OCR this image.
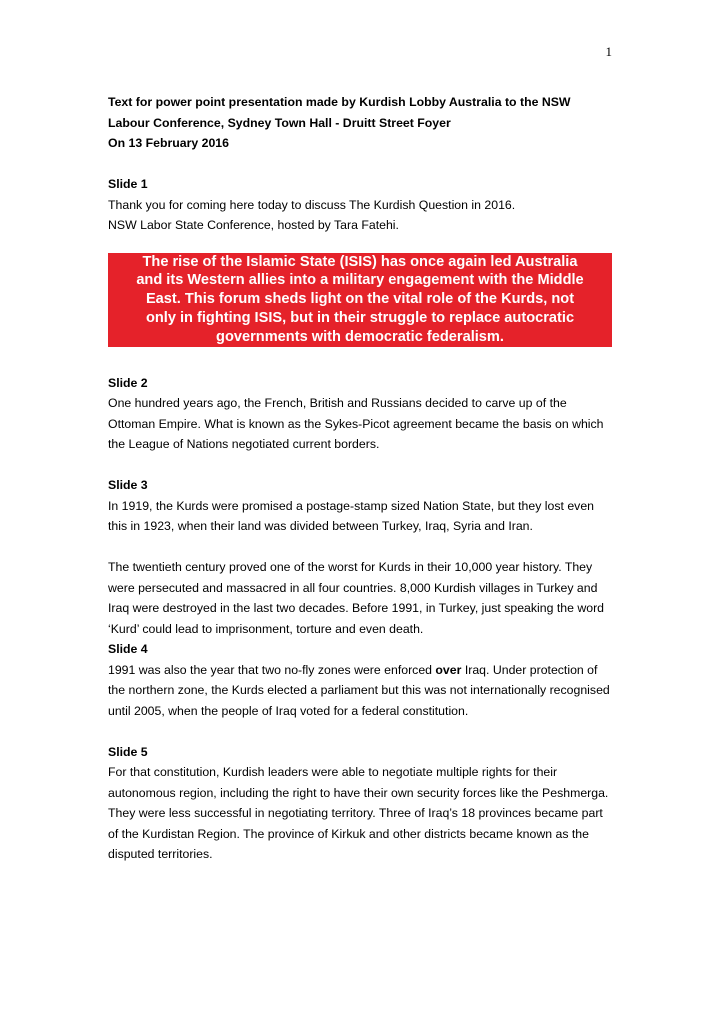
1
Text for power point presentation made by Kurdish Lobby Australia to the NSW
Labour Conference, Sydney Town Hall - Druitt Street Foyer
On 13 February 2016
Slide 1

Thank you for coming here today to discuss The Kurdish Question in 2016.

NSW Labor State Conference, hosted by Tara Fatehi.

The rise of the Islamic State (ISIS) has once again led Australia
and its Western allies into a military engagement with the Middle
East. This forum sheds light on the vital role of the Kurds, not
only in fighting ISIS, but in their struggle to replace autocratic
governments with democratic federalism.
Slide 2

One hundred years ago, the French, British and Russians decided to carve up of the Ottoman Empire. What is known as the Sykes-Picot agreement became the basis on which the League of Nations negotiated current borders.

Slide 3

In 1919, the Kurds were promised a postage-stamp sized Nation State, but they lost even this in 1923, when their land was divided between Turkey, Iraq, Syria and Iran.

The twentieth century proved one of the worst for Kurds in their 10,000 year history. They were persecuted and massacred in all four countries. 8,000 Kurdish villages in Turkey and Iraq were destroyed in the last two decades. Before 1991, in Turkey, just speaking the word ‘Kurd’ could lead to imprisonment, torture and even death.

Slide 4

1991 was also the year that two no-fly zones were enforced over Iraq. Under protection of the northern zone, the Kurds elected a parliament but this was not internationally recognised until 2005, when the people of Iraq voted for a federal constitution.

Slide 5

For that constitution, Kurdish leaders were able to negotiate multiple rights for their autonomous region, including the right to have their own security forces like the Peshmerga. They were less successful in negotiating territory. Three of Iraq’s 18 provinces became part of the Kurdistan Region. The province of Kirkuk and other districts became known as the disputed territories.
